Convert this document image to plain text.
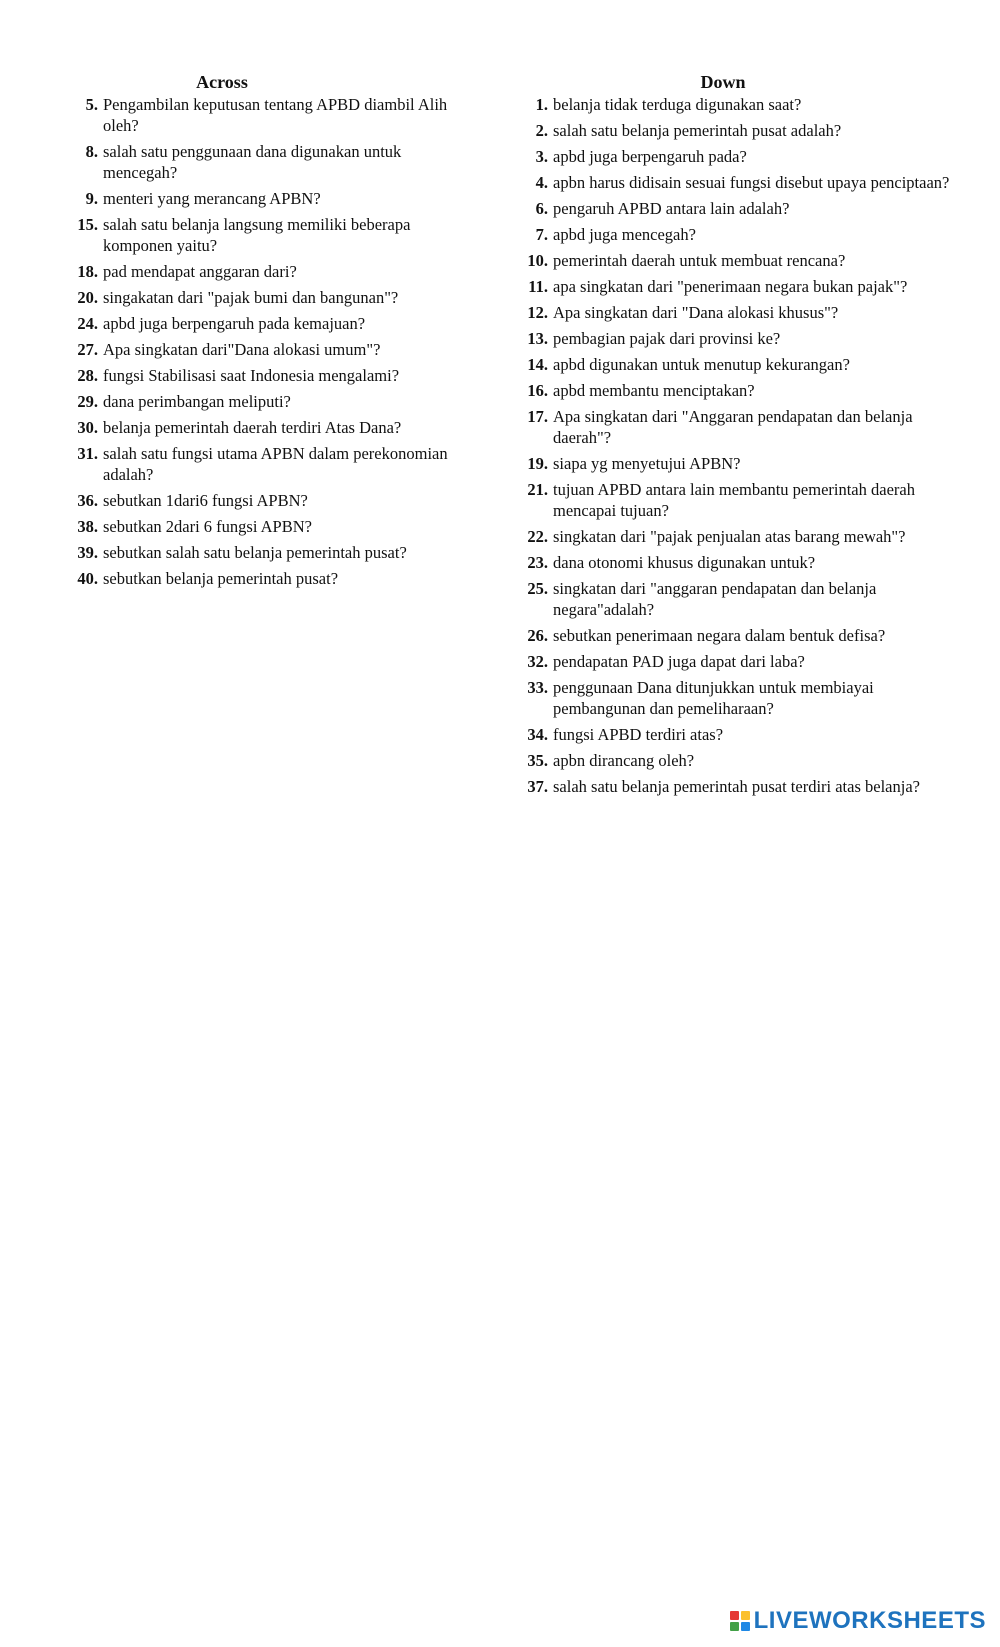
Across
5. Pengambilan keputusan tentang APBD diambil Alih oleh?
8. salah satu penggunaan dana digunakan untuk mencegah?
9. menteri yang merancang APBN?
15. salah satu belanja langsung memiliki beberapa komponen yaitu?
18. pad mendapat anggaran dari?
20. singakatan dari "pajak bumi dan bangunan"?
24. apbd juga berpengaruh pada kemajuan?
27. Apa singkatan dari"Dana alokasi umum"?
28. fungsi Stabilisasi saat Indonesia mengalami?
29. dana perimbangan meliputi?
30. belanja pemerintah daerah terdiri Atas Dana?
31. salah satu fungsi utama APBN dalam perekonomian adalah?
36. sebutkan 1dari6 fungsi APBN?
38. sebutkan 2dari 6 fungsi APBN?
39. sebutkan salah satu belanja pemerintah pusat?
40. sebutkan belanja pemerintah pusat?
Down
1. belanja tidak terduga digunakan saat?
2. salah satu belanja pemerintah pusat adalah?
3. apbd juga berpengaruh pada?
4. apbn harus didisain sesuai fungsi disebut upaya penciptaan?
6. pengaruh APBD antara lain adalah?
7. apbd juga mencegah?
10. pemerintah daerah untuk membuat rencana?
11. apa singkatan dari "penerimaan negara bukan pajak"?
12. Apa singkatan dari "Dana alokasi khusus"?
13. pembagian pajak dari provinsi ke?
14. apbd digunakan untuk menutup kekurangan?
16. apbd membantu menciptakan?
17. Apa singkatan dari "Anggaran pendapatan dan belanja daerah"?
19. siapa yg menyetujui APBN?
21. tujuan APBD antara lain membantu pemerintah daerah mencapai tujuan?
22. singkatan dari "pajak penjualan atas barang mewah"?
23. dana otonomi khusus digunakan untuk?
25. singkatan dari "anggaran pendapatan dan belanja negara"adalah?
26. sebutkan penerimaan negara dalam bentuk defisa?
32. pendapatan PAD juga dapat dari laba?
33. penggunaan Dana ditunjukkan untuk membiayai pembangunan dan pemeliharaan?
34. fungsi APBD terdiri atas?
35. apbn dirancang oleh?
37. salah satu belanja pemerintah pusat terdiri atas belanja?
LIVEWORKSHEETS
